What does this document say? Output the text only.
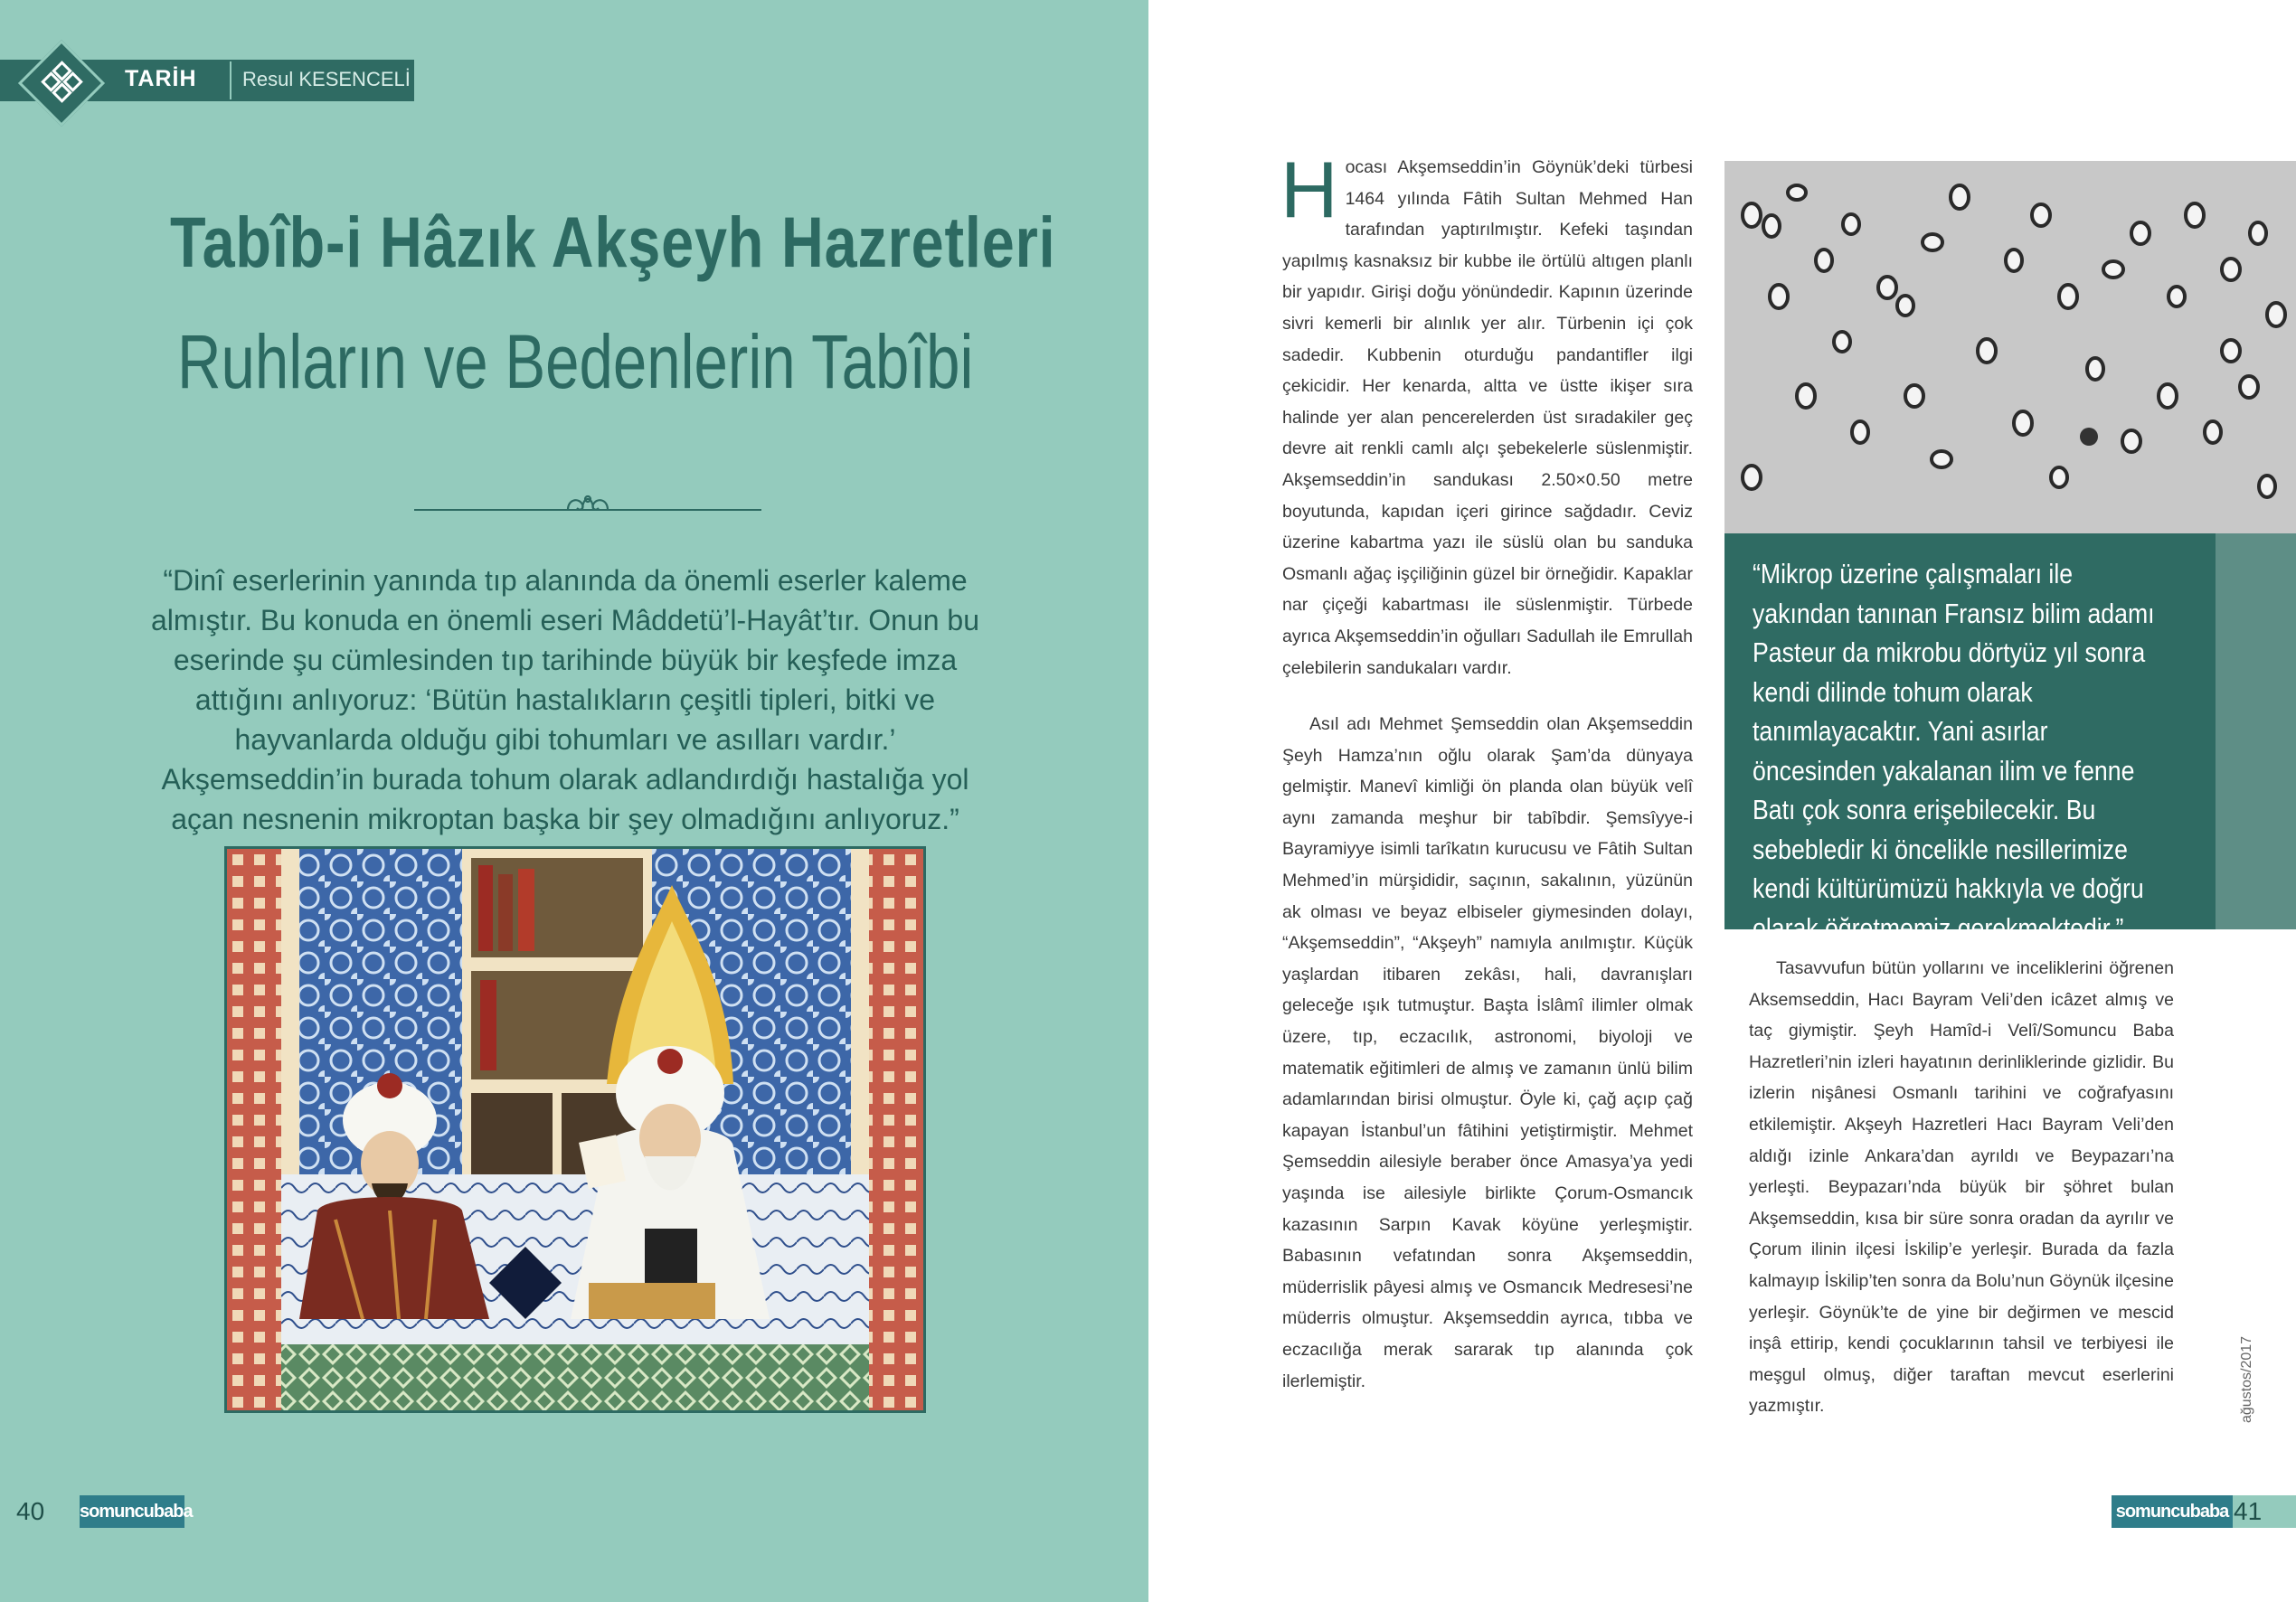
TARİH Resul KESENCELİ
Tabîb-i Hâzık Akşeyh Hazretleri
Ruhların ve Bedenlerin Tabîbi
“Dinî eserlerinin yanında tıp alanında da önemli eserler kaleme almıştır. Bu konuda en önemli eseri Mâddetü’l-Hayât’tır. Onun bu eserinde şu cümlesinden tıp tarihinde büyük bir keşfede imza attığını anlıyoruz: ‘Bütün hastalıkların çeşitli tipleri, bitki ve hayvanlarda olduğu gibi tohumları ve asılları vardır.’ Akşemseddin’in burada tohum olarak adlandırdığı hastalığa yol açan nesnenin mikroptan başka bir şey olmadığını anlıyoruz.”
40 somuncubaba

Hocası Akşemseddin’in Göynük’deki türbesi 1464 yılında Fâtih Sultan Mehmed Han tarafından yaptırılmıştır. Kefeki taşından yapılmış kasnaksız bir kubbe ile örtülü altıgen planlı bir yapıdır. Girişi doğu yönündedir. Kapının üzerinde sivri kemerli bir alınlık yer alır. Türbenin içi çok sadedir. Kubbenin oturduğu pandantifler ilgi çekicidir. Her kenarda, altta ve üstte ikişer sıra halinde yer alan pencerelerden üst sıradakiler geç devre ait renkli camlı alçı şebekelerle süslenmiştir. Akşemseddin’in sandukası 2.50×0.50 metre boyutunda, kapıdan içeri girince sağdadır. Ceviz üzerine kabartma yazı ile süslü olan bu sanduka Osmanlı ağaç işçiliğinin güzel bir örneğidir. Kapaklar nar çiçeği kabartması ile süslenmiştir. Türbede ayrıca Akşemseddin’in oğulları Sadullah ile Emrullah çelebilerin sandukaları vardır.

Asıl adı Mehmet Şemseddin olan Akşemseddin Şeyh Hamza’nın oğlu olarak Şam’da dünyaya gelmiştir. Manevî kimliği ön planda olan büyük velî aynı zamanda meşhur bir tabîbdir. Şemsîyye-i Bayramiyye isimli tarîkatın kurucusu ve Fâtih Sultan Mehmed’in mürşididir, saçının, sakalının, yüzünün ak olması ve beyaz elbiseler giymesinden dolayı, “Akşemseddin”, “Akşeyh” namıyla anılmıştır. Küçük yaşlardan itibaren zekâsı, hali, davranışları geleceğe ışık tutmuştur. Başta İslâmî ilimler olmak üzere, tıp, eczacılık, astronomi, biyoloji ve matematik eğitimleri de almış ve zamanın ünlü bilim adamlarından birisi olmuştur. Öyle ki, çağ açıp çağ kapayan İstanbul’un fâtihini yetiştirmiştir. Mehmet Şemseddin ailesiyle beraber önce Amasya’ya yedi yaşında ise ailesiyle birlikte Çorum-Osmancık kazasının Sarpın Kavak köyüne yerleşmiştir. Babasının vefatından sonra Akşemseddin, müderrislik pâyesi almış ve Osmancık Medresesi’ne müderris olmuştur. Akşemseddin ayrıca, tıbba ve eczacılığa merak sararak tıp alanında çok ilerlemiştir.

“Mikrop üzerine çalışmaları ile yakından tanınan Fransız bilim adamı Pasteur da mikrobu dörtyüz yıl sonra kendi dilinde tohum olarak tanımlayacaktır. Yani asırlar öncesinden yakalanan ilim ve fenne Batı çok sonra erişebilecekir. Bu sebebledir ki öncelikle nesillerimize kendi kültürümüzü hakkıyla ve doğru olarak öğretmemiz gerekmektedir.”

Tasavvufun bütün yollarını ve inceliklerini öğrenen Aksemseddin, Hacı Bayram Veli’den icâzet almış ve taç giymiştir. Şeyh Hamîd-i Velî/Somuncu Baba Hazretleri’nin izleri hayatının derinliklerinde gizlidir. Bu izlerin nişânesi Osmanlı tarihini ve coğrafyasını etkilemiştir. Akşeyh Hazretleri Hacı Bayram Veli’den aldığı izinle Ankara’dan ayrıldı ve Beypazarı’na yerleşti. Beypazarı’nda büyük bir şöhret bulan Akşemseddin, kısa bir süre sonra oradan da ayrılır ve Çorum ilinin ilçesi İskilip’e yerleşir. Burada da fazla kalmayıp İskilip’ten sonra da Bolu’nun Göynük ilçesine yerleşir. Göynük’te de yine bir değirmen ve mescid inşâ ettirip, kendi çocuklarının tahsil ve terbiyesi ile meşgul olmuş, diğer taraftan mevcut eserlerini yazmıştır.	ağustos/2017
somuncubaba 41
